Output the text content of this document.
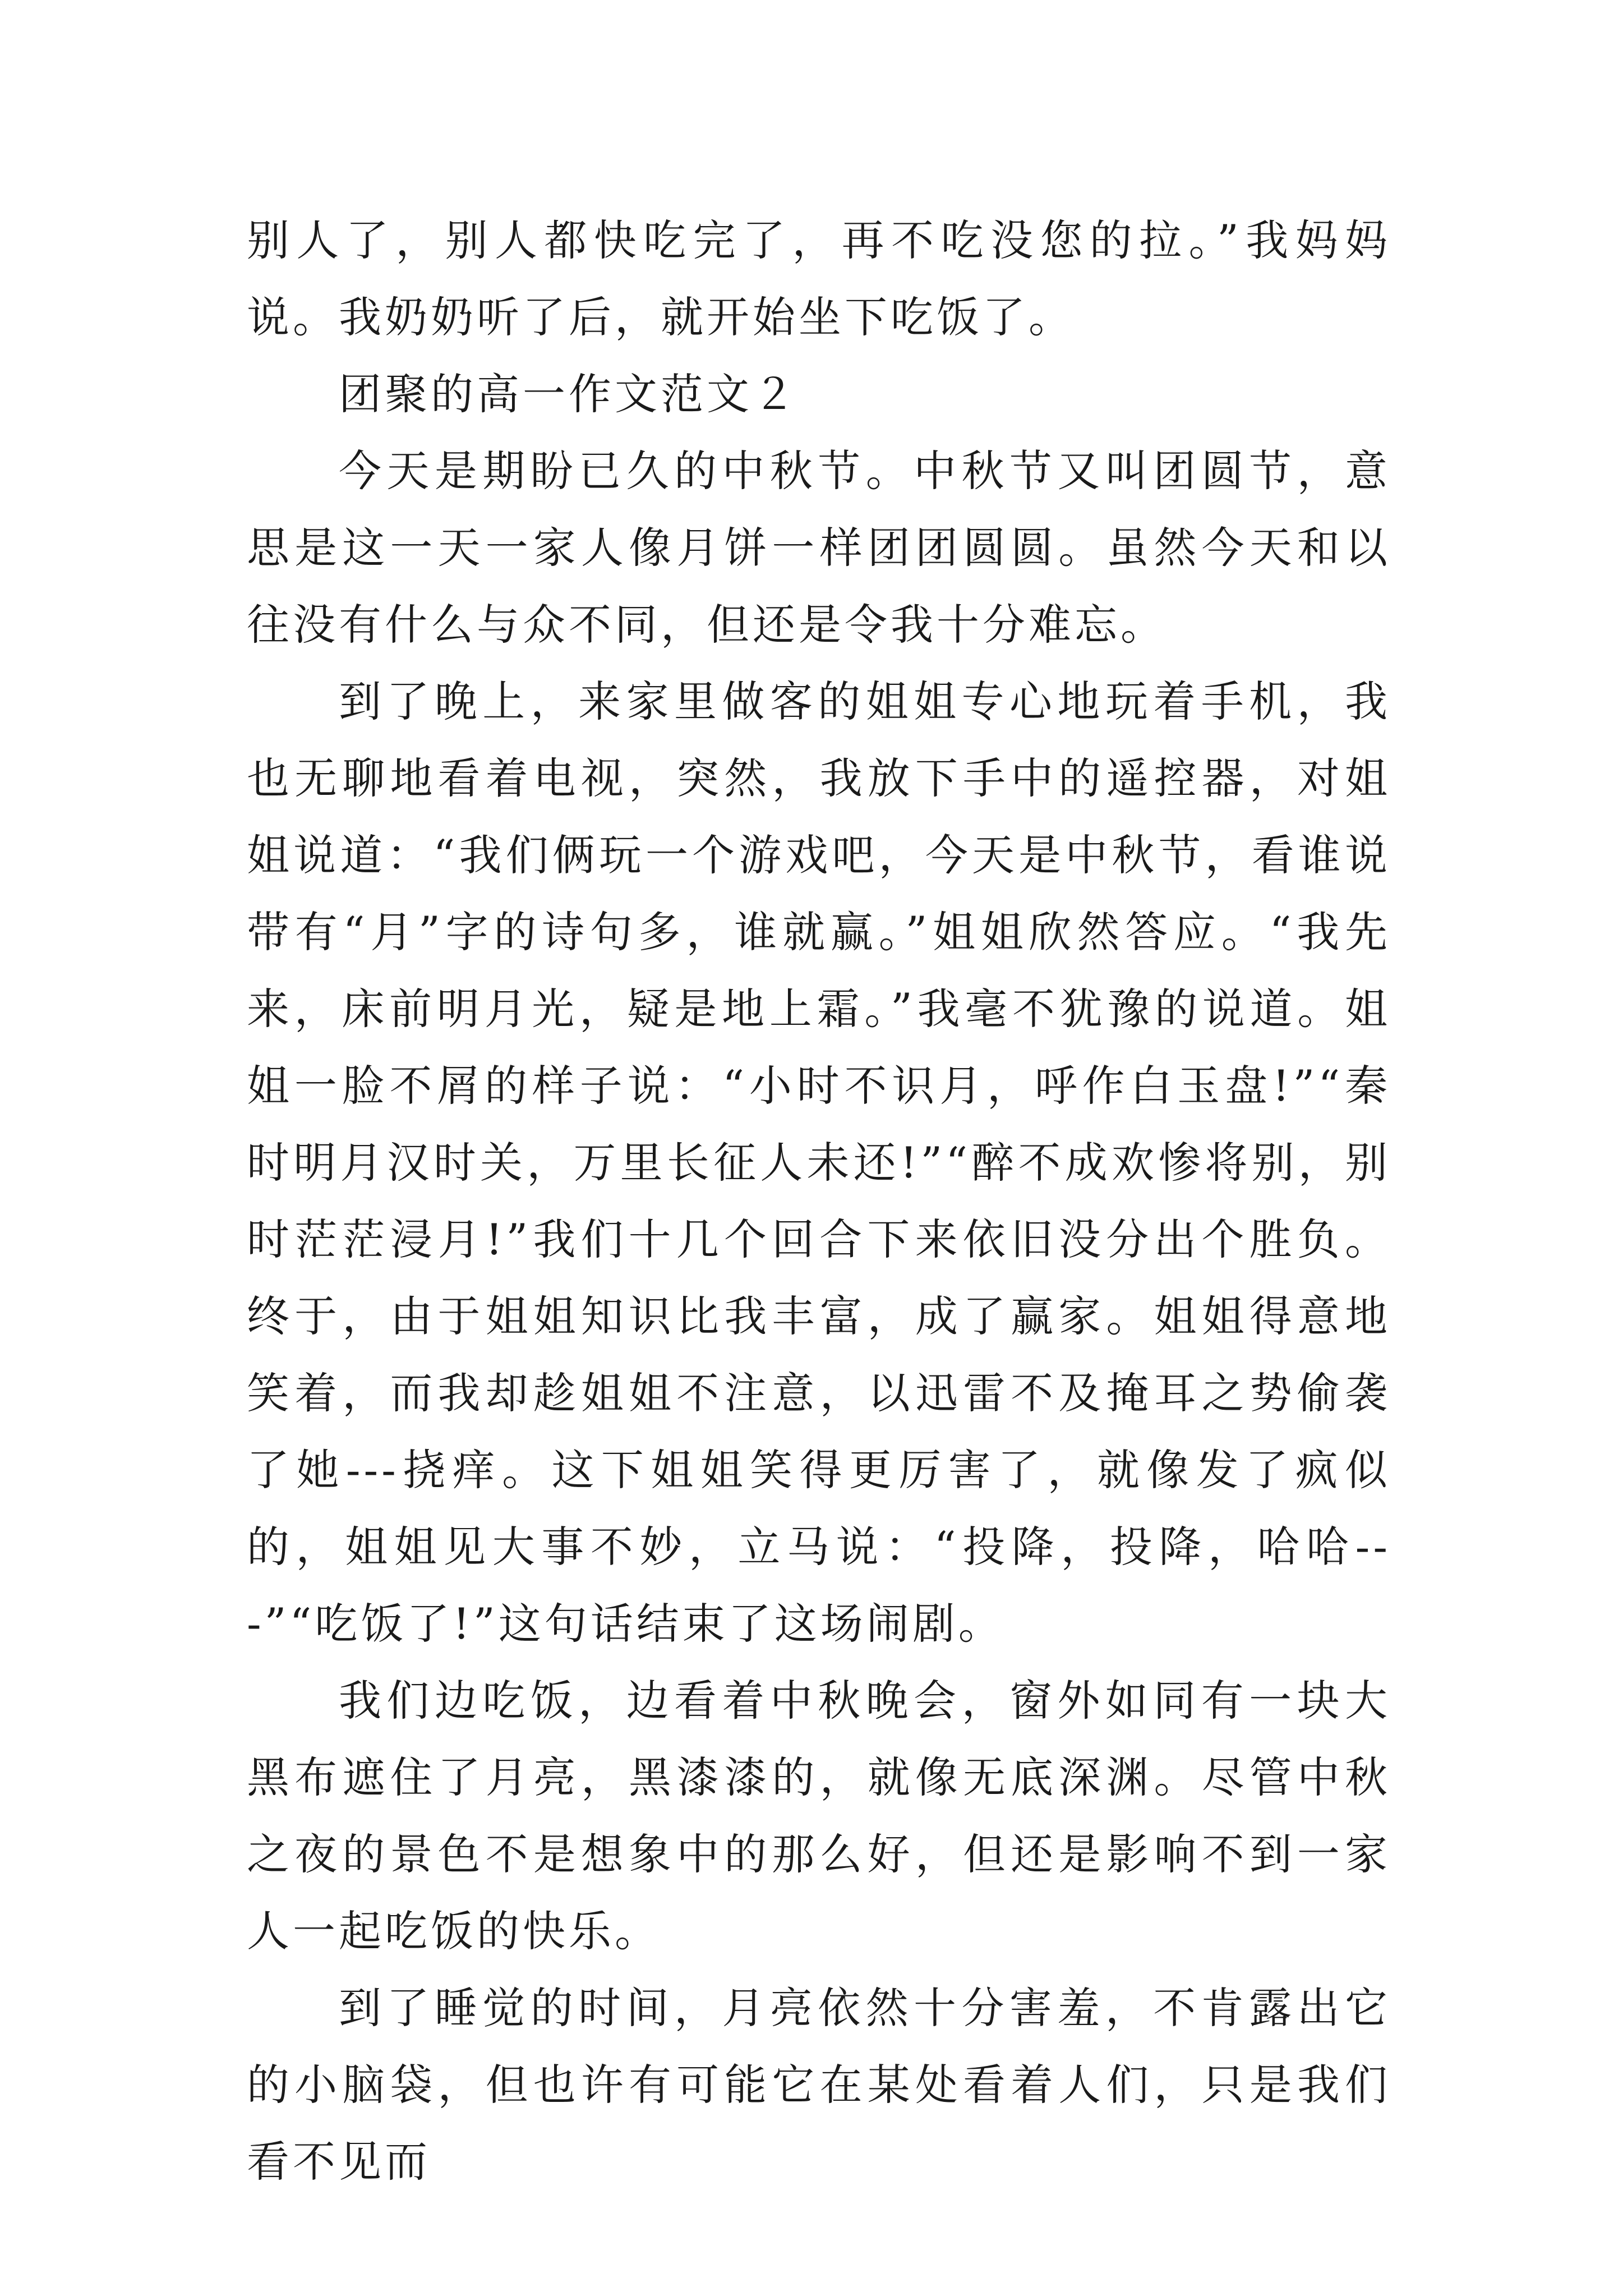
别人了，别人都快吃完了，再不吃没您的拉。”我妈妈说。我奶奶听了后，就开始坐下吃饭了。

团聚的高一作文范文２

今天是期盼已久的中秋节。中秋节又叫团圆节，意思是这一天一家人像月饼一样团团圆圆。虽然今天和以往没有什么与众不同，但还是令我十分难忘。

到了晚上，来家里做客的姐姐专心地玩着手机，我也无聊地看着电视，突然，我放下手中的遥控器，对姐姐说道：“我们俩玩一个游戏吧，今天是中秋节，看谁说带有“月”字的诗句多，谁就赢。”姐姐欣然答应。“我先来，床前明月光，疑是地上霜。”我毫不犹豫的说道。姐姐一脸不屑的样子说：“小时不识月，呼作白玉盘!”“秦时明月汉时关，万里长征人未还!”“醉不成欢惨将别，别时茫茫浸月!”我们十几个回合下来依旧没分出个胜负。终于，由于姐姐知识比我丰富，成了赢家。姐姐得意地笑着，而我却趁姐姐不注意，以迅雷不及掩耳之势偷袭了她---挠痒。这下姐姐笑得更厉害了，就像发了疯似的，姐姐见大事不妙，立马说：“投降，投降，哈哈---”“吃饭了!”这句话结束了这场闹剧。

我们边吃饭，边看着中秋晚会，窗外如同有一块大黑布遮住了月亮，黑漆漆的，就像无底深渊。尽管中秋之夜的景色不是想象中的那么好，但还是影响不到一家人一起吃饭的快乐。

到了睡觉的时间，月亮依然十分害羞，不肯露出它的小脑袋，但也许有可能它在某处看着人们，只是我们看不见而
